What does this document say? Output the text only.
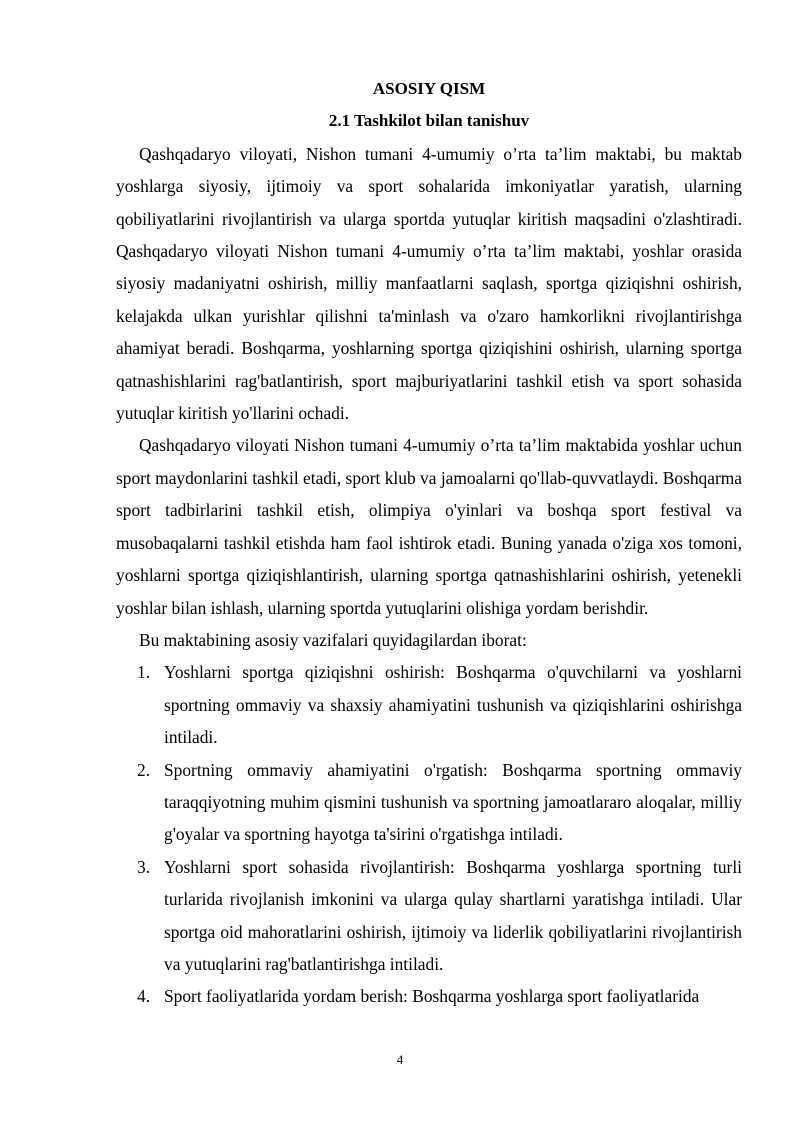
ASOSIY QISM
2.1 Tashkilot bilan tanishuv

Qashqadaryo viloyati, Nishon tumani 4-umumiy o’rta ta’lim maktabi, bu maktab yoshlarga siyosiy, ijtimoiy va sport sohalarida imkoniyatlar yaratish, ularning qobiliyatlarini rivojlantirish va ularga sportda yutuqlar kiritish maqsadini o'zlashtiradi. Qashqadaryo viloyati Nishon tumani 4-umumiy o’rta ta’lim maktabi, yoshlar orasida siyosiy madaniyatni oshirish, milliy manfaatlarni saqlash, sportga qiziqishni oshirish, kelajakda ulkan yurishlar qilishni ta'minlash va o'zaro hamkorlikni rivojlantirishga ahamiyat beradi. Boshqarma, yoshlarning sportga qiziqishini oshirish, ularning sportga qatnashishlarini rag'batlantirish, sport majburiyatlarini tashkil etish va sport sohasida yutuqlar kiritish yo'llarini ochadi.

Qashqadaryo viloyati Nishon tumani 4-umumiy o’rta ta’lim maktabida yoshlar uchun sport maydonlarini tashkil etadi, sport klub va jamoalarni qo'llab-quvvatlaydi. Boshqarma sport tadbirlarini tashkil etish, olimpiya o'yinlari va boshqa sport festival va musobaqalarni tashkil etishda ham faol ishtirok etadi. Buning yanada o'ziga xos tomoni, yoshlarni sportga qiziqishlantirish, ularning sportga qatnashishlarini oshirish, yetenekli yoshlar bilan ishlash, ularning sportda yutuqlarini olishiga yordam berishdir.

Bu maktabining asosiy vazifalari quyidagilardan iborat:

1. Yoshlarni sportga qiziqishni oshirish: Boshqarma o'quvchilarni va yoshlarni sportning ommaviy va shaxsiy ahamiyatini tushunish va qiziqishlarini oshirishga intiladi.
2. Sportning ommaviy ahamiyatini o'rgatish: Boshqarma sportning ommaviy taraqqiyotning muhim qismini tushunish va sportning jamoatlararo aloqalar, milliy g'oyalar va sportning hayotga ta'sirini o'rgatishga intiladi.
3. Yoshlarni sport sohasida rivojlantirish: Boshqarma yoshlarga sportning turli turlarida rivojlanish imkonini va ularga qulay shartlarni yaratishga intiladi. Ular sportga oid mahoratlarini oshirish, ijtimoiy va liderlik qobiliyatlarini rivojlantirish va yutuqlarini rag'batlantirishga intiladi.
4. Sport faoliyatlarida yordam berish: Boshqarma yoshlarga sport faoliyatlarida
4
